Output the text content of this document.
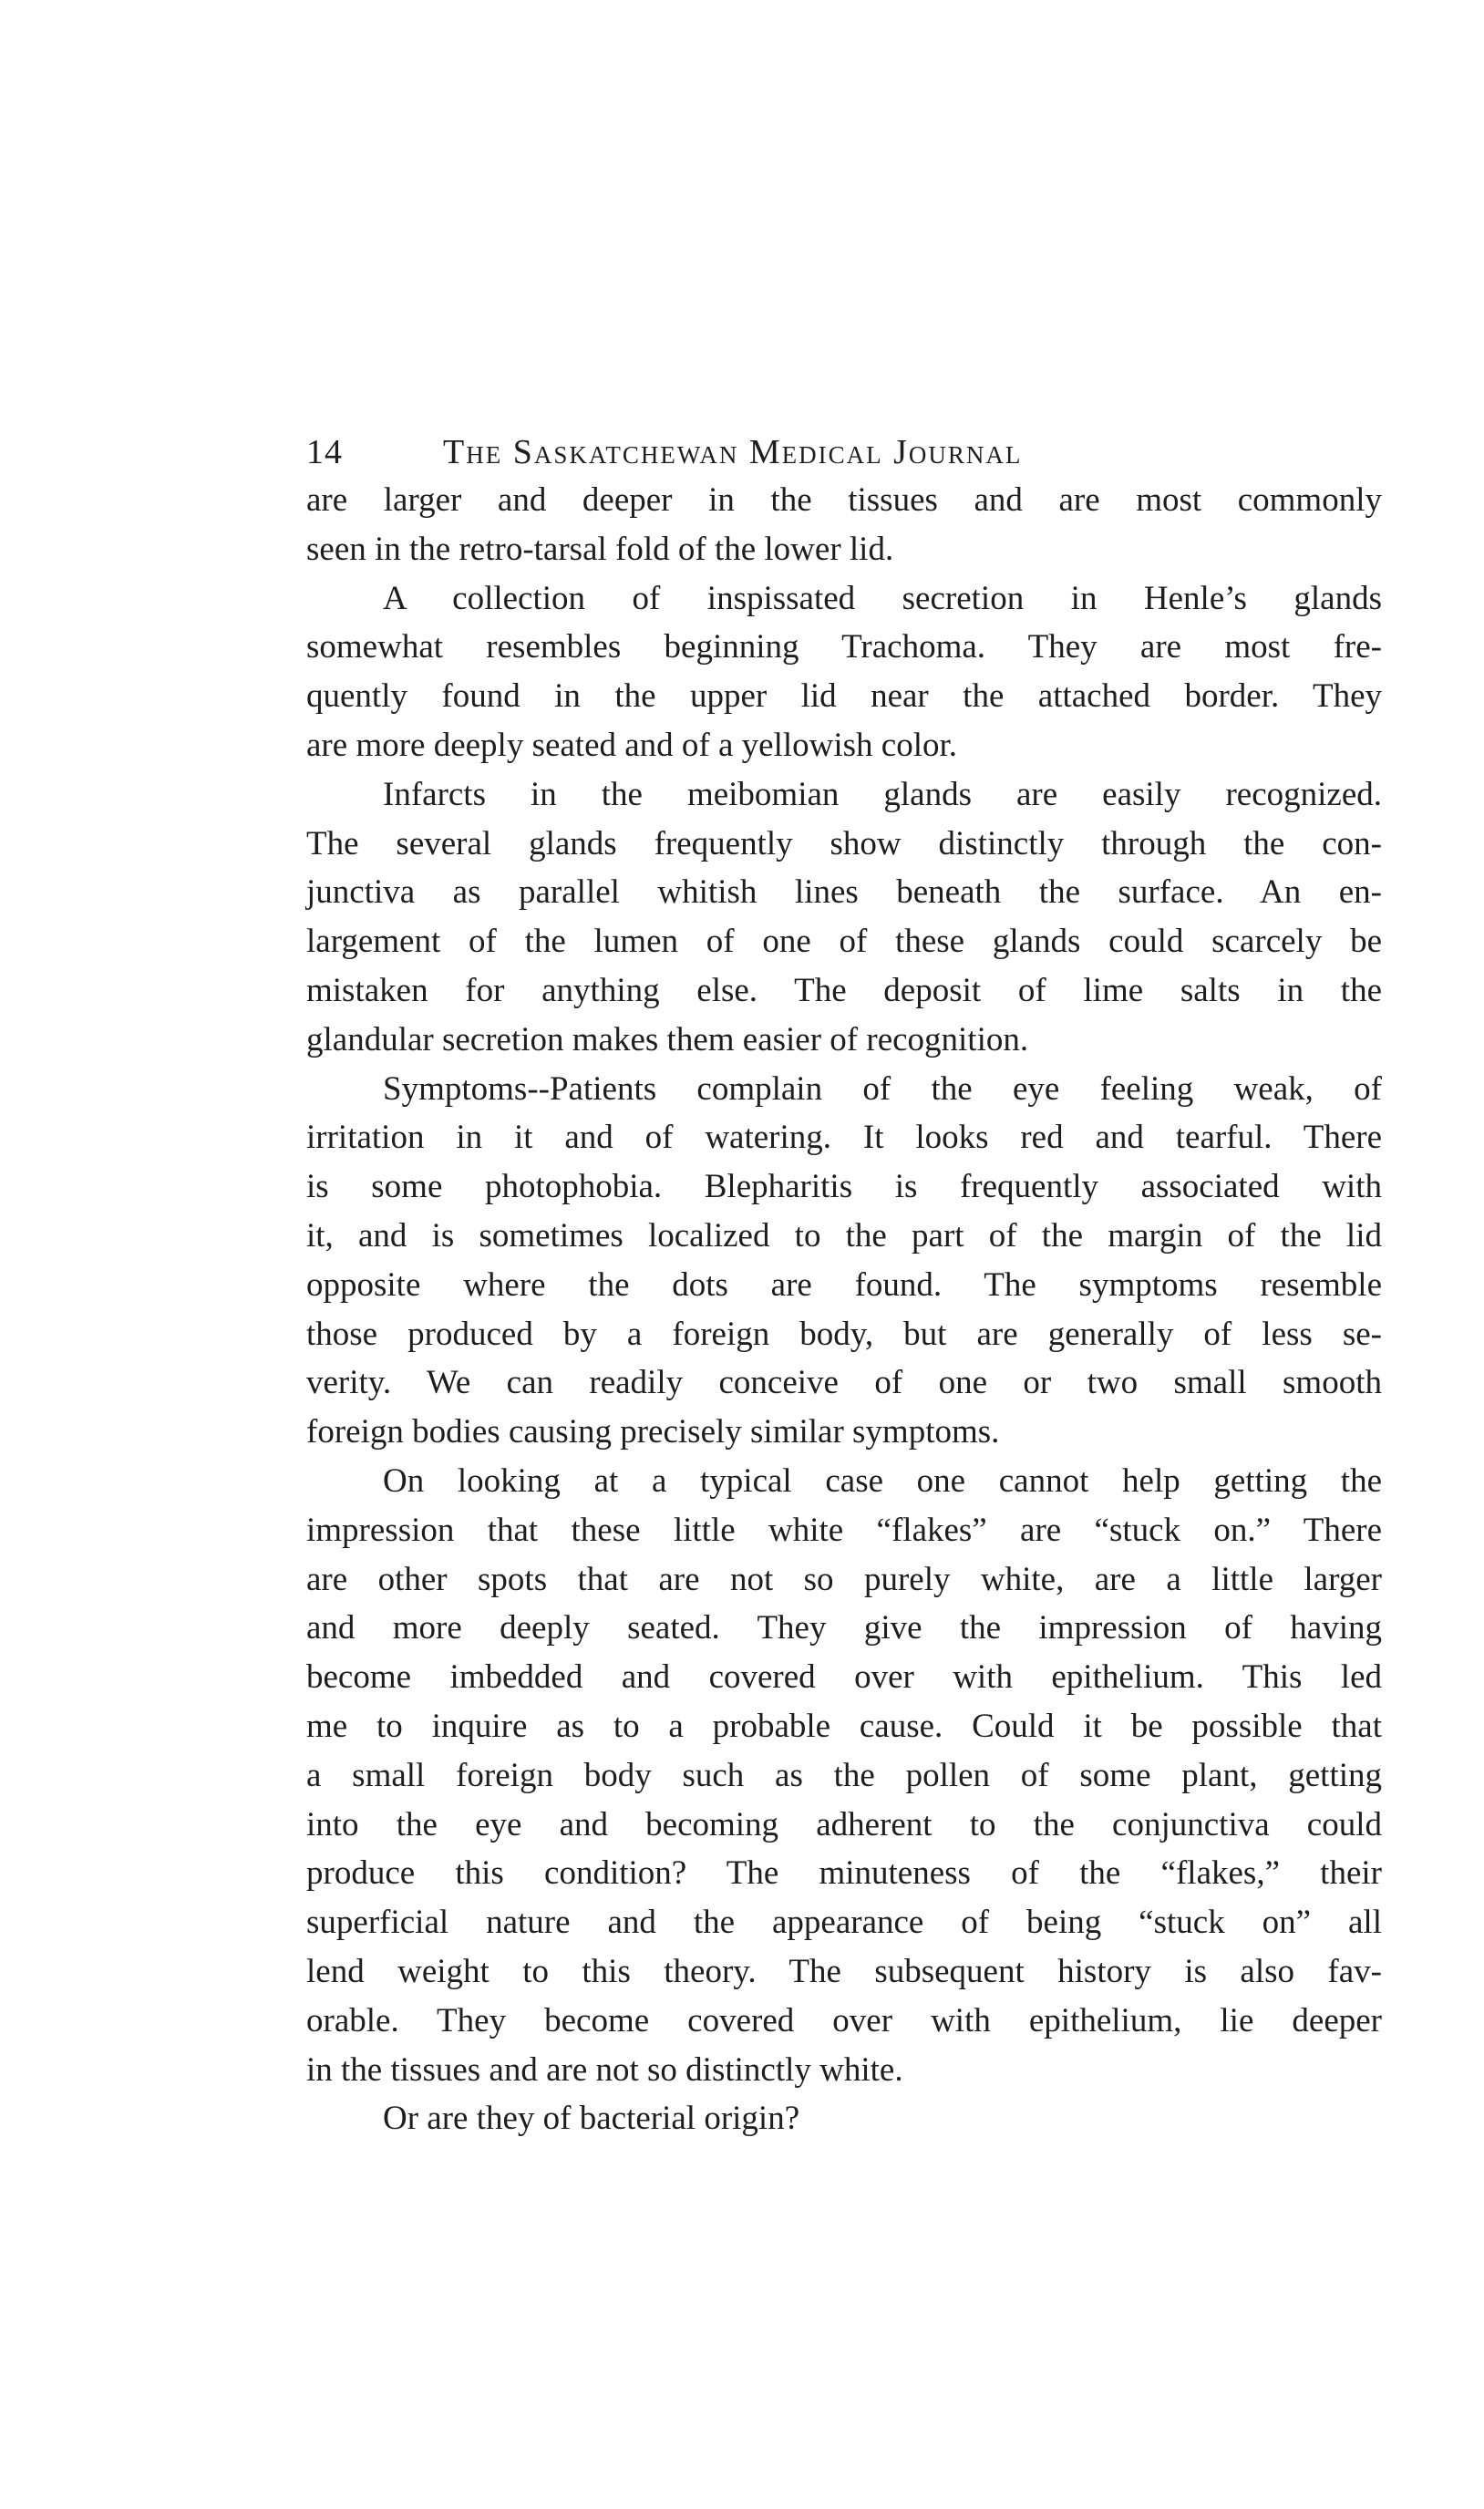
14	The Saskatchewan Medical Journal
are larger and deeper in the tissues and are most commonly
seen in the retro-tarsal fold of the lower lid.
A collection of inspissated secretion in Henle’s glands
somewhat resembles beginning Trachoma. They are most fre-
quently found in the upper lid near the attached border. They
are more deeply seated and of a yellowish color.
Infarcts in the meibomian glands are easily recognized.
The several glands frequently show distinctly through the con-
junctiva as parallel whitish lines beneath the surface. An en-
largement of the lumen of one of these glands could scarcely be
mistaken for anything else. The deposit of lime salts in the
glandular secretion makes them easier of recognition.
Symptoms--Patients complain of the eye feeling weak, of
irritation in it and of watering. It looks red and tearful. There
is some photophobia. Blepharitis is frequently associated with
it, and is sometimes localized to the part of the margin of the lid
opposite where the dots are found. The symptoms resemble
those produced by a foreign body, but are generally of less se-
verity. We can readily conceive of one or two small smooth
foreign bodies causing precisely similar symptoms.
On looking at a typical case one cannot help getting the
impression that these little white “flakes” are “stuck on.” There
are other spots that are not so purely white, are a little larger
and more deeply seated. They give the impression of having
become imbedded and covered over with epithelium. This led
me to inquire as to a probable cause. Could it be possible that
a small foreign body such as the pollen of some plant, getting
into the eye and becoming adherent to the conjunctiva could
produce this condition? The minuteness of the “flakes,” their
superficial nature and the appearance of being “stuck on” all
lend weight to this theory. The subsequent history is also fav-
orable. They become covered over with epithelium, lie deeper
in the tissues and are not so distinctly white.
Or are they of bacterial origin?
